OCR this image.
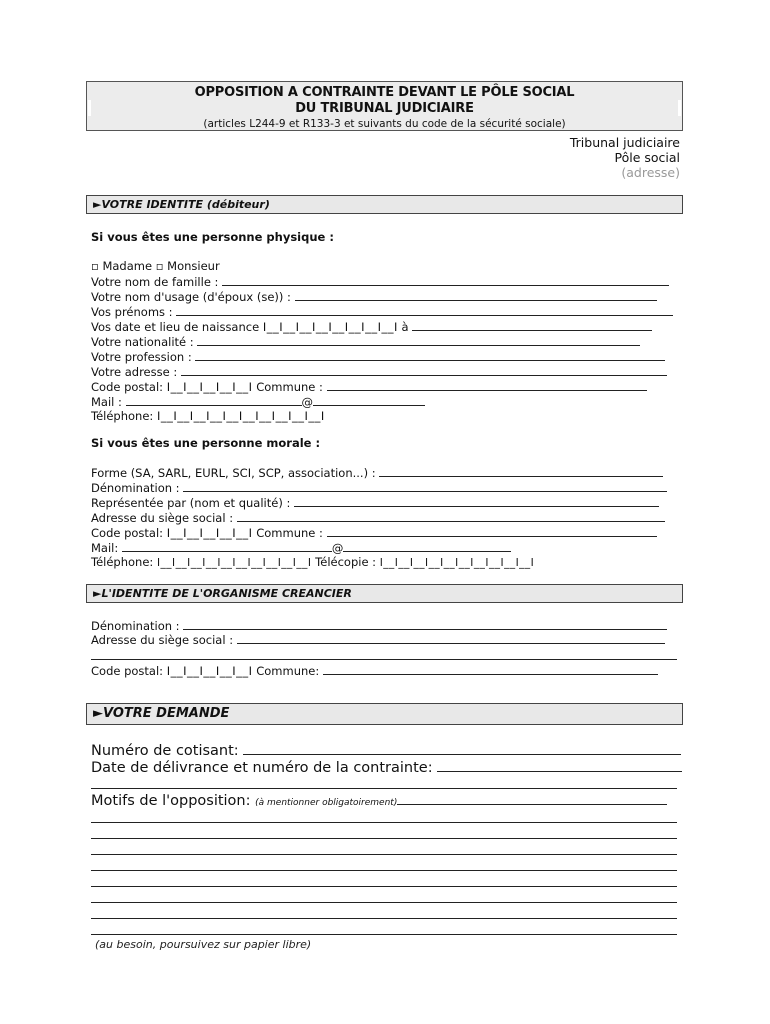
OPPOSITION A CONTRAINTE DEVANT LE PÔLE SOCIAL
DU TRIBUNAL JUDICIAIRE
(articles L244-9 et R133-3 et suivants du code de la sécurité sociale)
Tribunal judiciaire
Pôle social
(adresse)
►VOTRE IDENTITE (débiteur)
Si vous êtes une personne physique :
▫ Madame ▫ Monsieur
Votre nom de famille :
Votre nom d'usage (d'époux (se)) :
Vos prénoms :
Vos date et lieu de naissance I__I__I__I__I__I__I__I__I à
Votre nationalité :
Votre profession :
Votre adresse :
Code postal: I__I__I__I__I__I Commune :
Mail :	@
Téléphone: I__I__I__I__I__I__I__I__I__I__I
Si vous êtes une personne morale :
Forme (SA, SARL, EURL, SCI, SCP, association...) :
Dénomination :
Représentée par (nom et qualité) :
Adresse du siège social :
Code postal: I__I__I__I__I__I Commune :
Mail:	@
Téléphone: I__I__I__I__I__I__I__I__I__I__I Télécopie : I__I__I__I__I__I__I__I__I__I__I
►L'IDENTITE DE L'ORGANISME CREANCIER
Dénomination :
Adresse du siège social :
Code postal: I__I__I__I__I__I Commune:
►VOTRE DEMANDE
Numéro de cotisant:
Date de délivrance et numéro de la contrainte:
Motifs de l'opposition: (à mentionner obligatoirement)
(au besoin, poursuivez sur papier libre)
